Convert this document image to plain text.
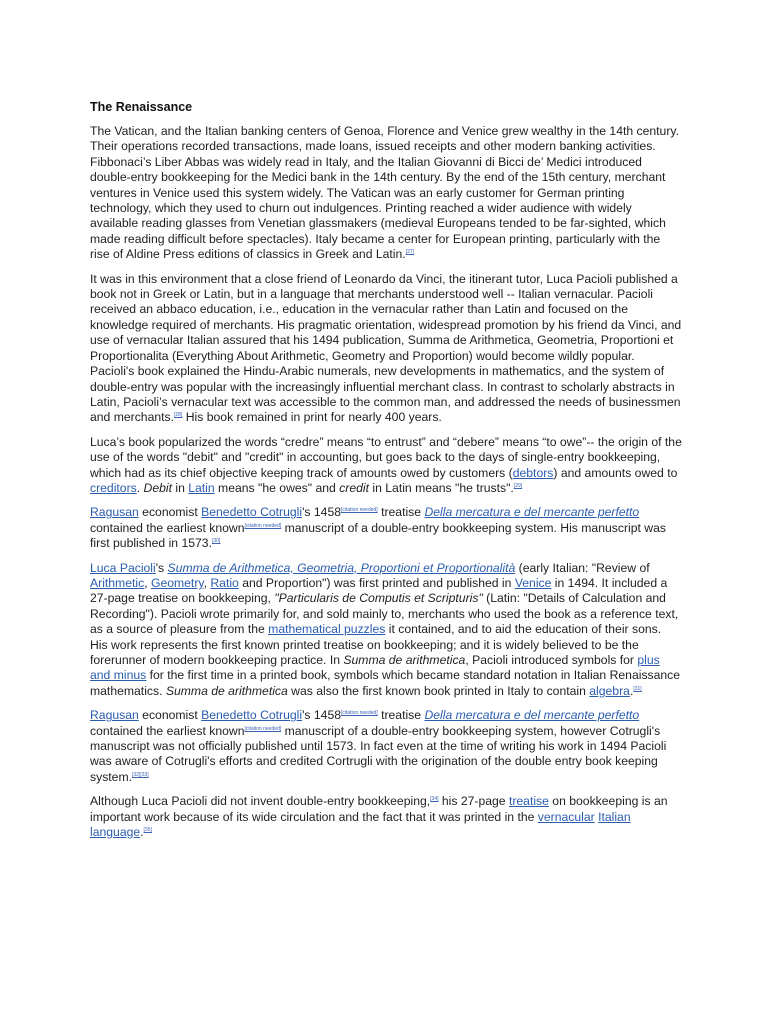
The Renaissance

The Vatican, and the Italian banking centers of Genoa, Florence and Venice grew wealthy in the 14th century. Their operations recorded transactions, made loans, issued receipts and other modern banking activities. Fibbonaci’s Liber Abbas was widely read in Italy, and the Italian Giovanni di Bicci de’ Medici introduced double-entry bookkeeping for the Medici bank in the 14th century. By the end of the 15th century, merchant ventures in Venice used this system widely. The Vatican was an early customer for German printing technology, which they used to churn out indulgences. Printing reached a wider audience with widely available reading glasses from Venetian glassmakers (medieval Europeans tended to be far-sighted, which made reading difficult before spectacles). Italy became a center for European printing, particularly with the rise of Aldine Press editions of classics in Greek and Latin.[27]

It was in this environment that a close friend of Leonardo da Vinci, the itinerant tutor, Luca Pacioli published a book not in Greek or Latin, but in a language that merchants understood well -- Italian vernacular. Pacioli received an abbaco education, i.e., education in the vernacular rather than Latin and focused on the knowledge required of merchants. His pragmatic orientation, widespread promotion by his friend da Vinci, and use of vernacular Italian assured that his 1494 publication, Summa de Arithmetica, Geometria, Proportioni et Proportionalita (Everything About Arithmetic, Geometry and Proportion) would become wildly popular. Pacioli's book explained the Hindu-Arabic numerals, new developments in mathematics, and the system of double-entry was popular with the increasingly influential merchant class. In contrast to scholarly abstracts in Latin, Pacioli’s vernacular text was accessible to the common man, and addressed the needs of businessmen and merchants.[28] His book remained in print for nearly 400 years.

Luca’s book popularized the words “credre” means “to entrust” and “debere” means “to owe”-- the origin of the use of the words "debit" and "credit" in accounting, but goes back to the days of single-entry bookkeeping, which had as its chief objective keeping track of amounts owed by customers (debtors) and amounts owed to creditors. Debit in Latin means "he owes" and credit in Latin means "he trusts".[29]

Ragusan economist Benedetto Cotrugli's 1458[citation needed] treatise Della mercatura e del mercante perfetto contained the earliest known[citation needed] manuscript of a double-entry bookkeeping system. His manuscript was first published in 1573.[30]

Luca Pacioli's Summa de Arithmetica, Geometria, Proportioni et Proportionalità (early Italian: "Review of Arithmetic, Geometry, Ratio and Proportion") was first printed and published in Venice in 1494. It included a 27-page treatise on bookkeeping, "Particularis de Computis et Scripturis" (Latin: "Details of Calculation and Recording"). Pacioli wrote primarily for, and sold mainly to, merchants who used the book as a reference text, as a source of pleasure from the mathematical puzzles it contained, and to aid the education of their sons. His work represents the first known printed treatise on bookkeeping; and it is widely believed to be the forerunner of modern bookkeeping practice. In Summa de arithmetica, Pacioli introduced symbols for plus and minus for the first time in a printed book, symbols which became standard notation in Italian Renaissance mathematics. Summa de arithmetica was also the first known book printed in Italy to contain algebra.[31]

Ragusan economist Benedetto Cotrugli's 1458[citation needed] treatise Della mercatura e del mercante perfetto contained the earliest known[citation needed] manuscript of a double-entry bookkeeping system, however Cotrugli's manuscript was not officially published until 1573. In fact even at the time of writing his work in 1494 Pacioli was aware of Cotrugli's efforts and credited Cortrugli with the origination of the double entry book keeping system.[32][33]

Although Luca Pacioli did not invent double-entry bookkeeping,[34] his 27-page treatise on bookkeeping is an important work because of its wide circulation and the fact that it was printed in the vernacular Italian language.[35]
